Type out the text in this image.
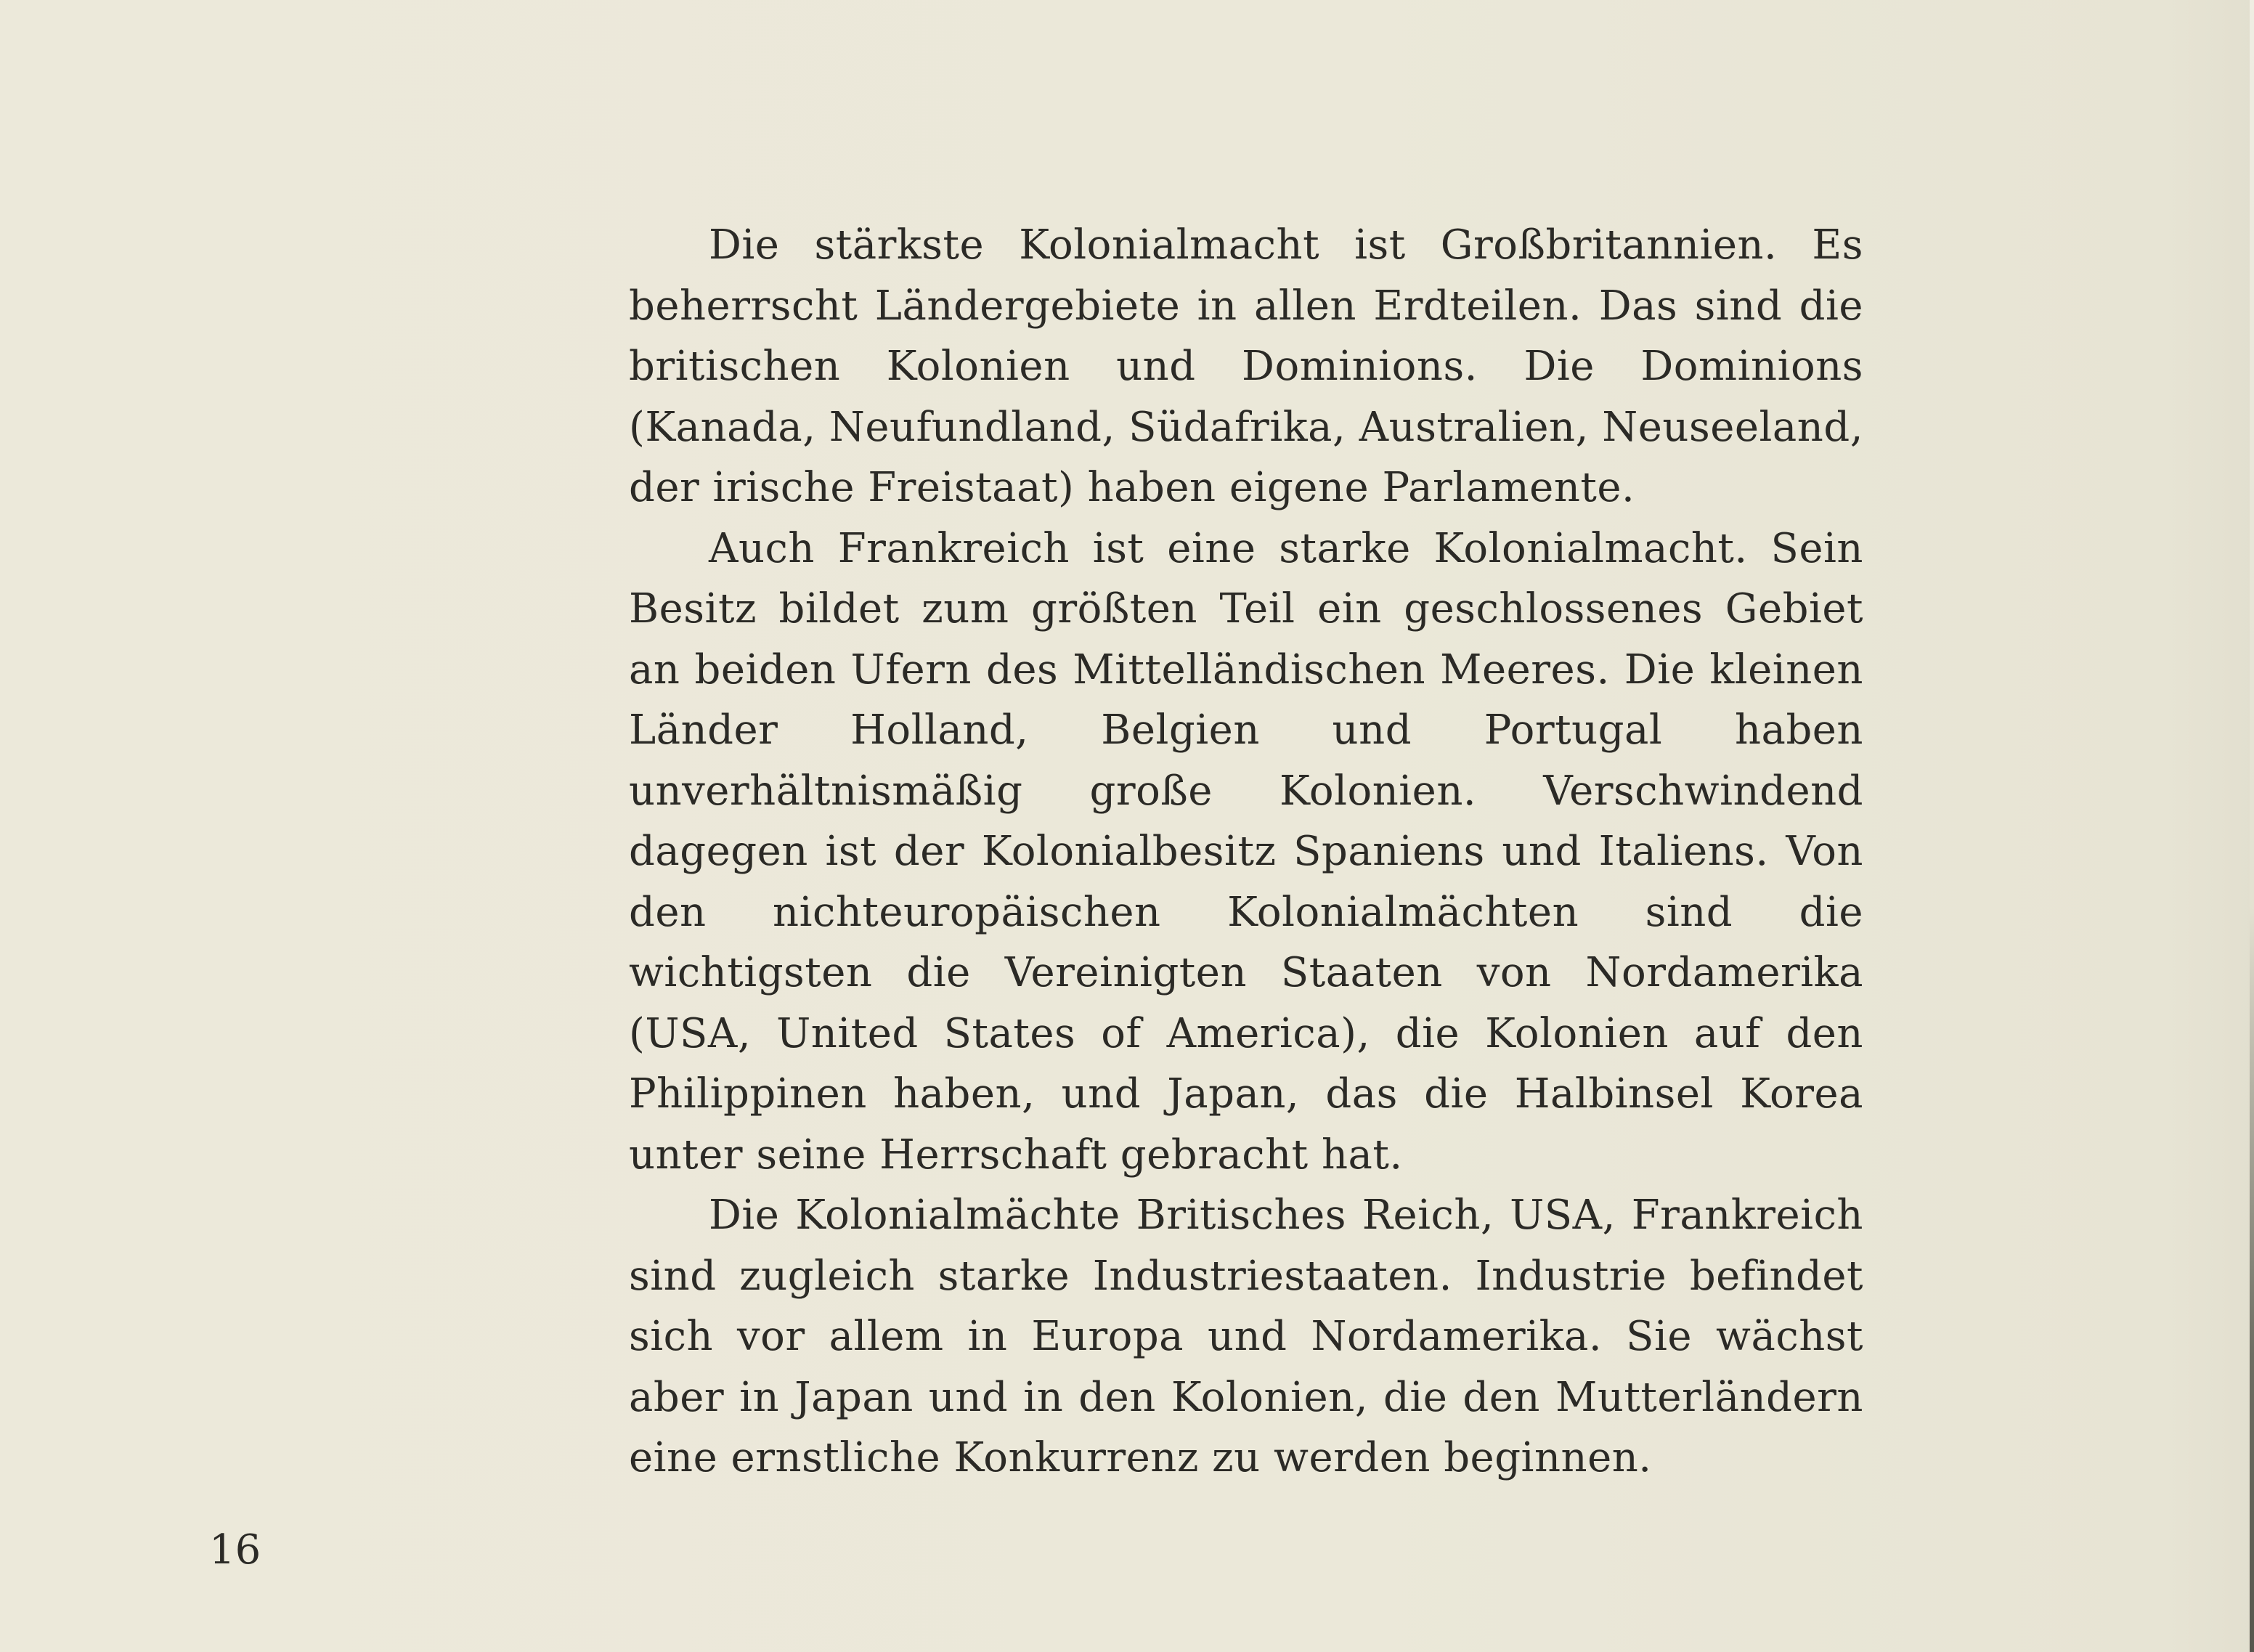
Die stärkste Kolonialmacht ist Großbritannien. Es beherrscht Ländergebiete in allen Erdteilen. Das sind die britischen Kolonien und Dominions. Die Dominions (Kanada, Neufundland, Südafrika, Australien, Neuseeland, der irische Freistaat) haben eigene Parlamente.

Auch Frankreich ist eine starke Kolonialmacht. Sein Besitz bildet zum größten Teil ein geschlossenes Gebiet an beiden Ufern des Mittelländischen Meeres. Die kleinen Länder Holland, Belgien und Portugal haben unverhältnismäßig große Kolonien. Verschwindend dagegen ist der Kolonialbesitz Spaniens und Italiens. Von den nichteuropäischen Kolonialmächten sind die wichtigsten die Vereinigten Staaten von Nordamerika (USA, United States of America), die Kolonien auf den Philippinen haben, und Japan, das die Halbinsel Korea unter seine Herrschaft gebracht hat.

Die Kolonialmächte Britisches Reich, USA, Frankreich sind zugleich starke Industriestaaten. Industrie befindet sich vor allem in Europa und Nordamerika. Sie wächst aber in Japan und in den Kolonien, die den Mutterländern eine ernstliche Konkurrenz zu werden beginnen.

16
